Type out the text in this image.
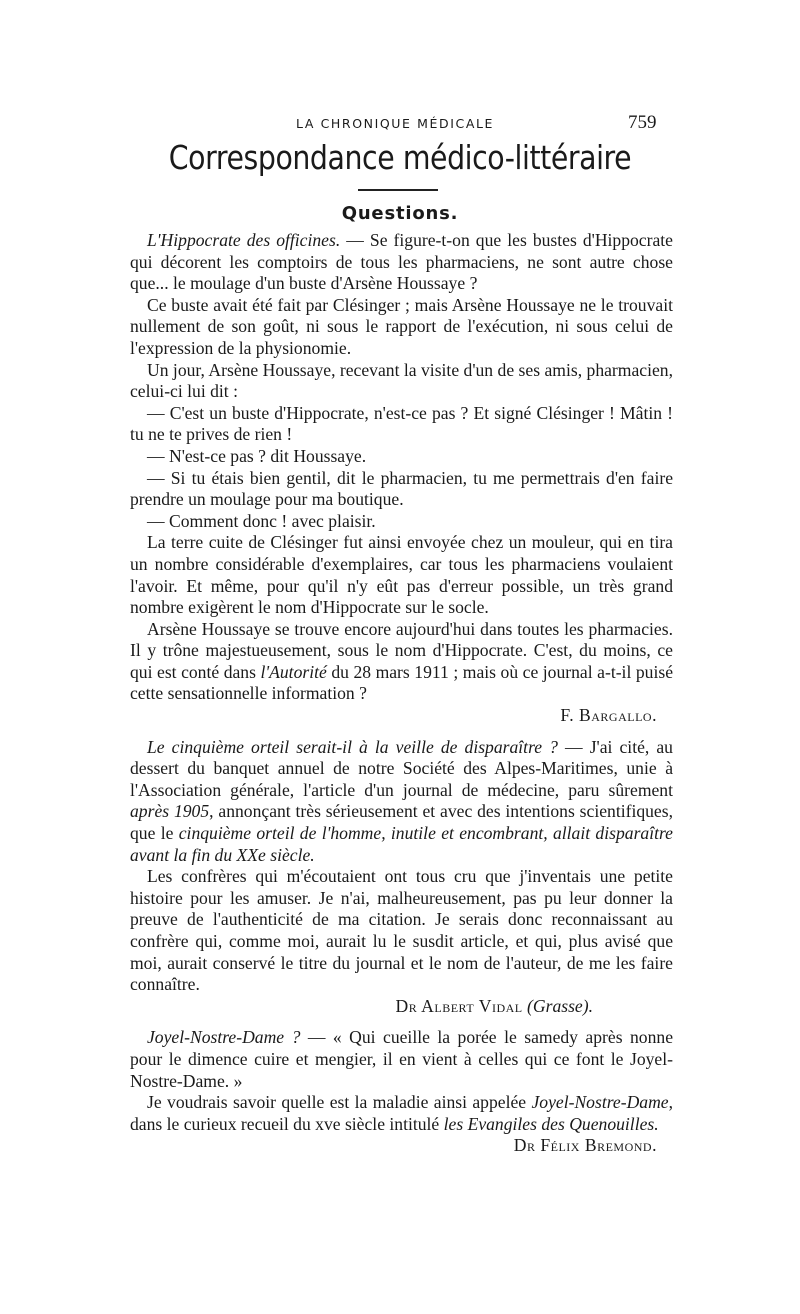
LA CHRONIQUE MÉDICALE	759
Correspondance médico-littéraire
Questions.

L'Hippocrate des officines. — Se figure-t-on que les bustes d'Hippocrate qui décorent les comptoirs de tous les pharmaciens, ne sont autre chose que... le moulage d'un buste d'Arsène Houssaye ?

Ce buste avait été fait par Clésinger ; mais Arsène Houssaye ne le trouvait nullement de son goût, ni sous le rapport de l'exécution, ni sous celui de l'expression de la physionomie.

Un jour, Arsène Houssaye, recevant la visite d'un de ses amis, pharmacien, celui-ci lui dit :

— C'est un buste d'Hippocrate, n'est-ce pas ? Et signé Clésinger ! Mâtin ! tu ne te prives de rien !

— N'est-ce pas ? dit Houssaye.

— Si tu étais bien gentil, dit le pharmacien, tu me permettrais d'en faire prendre un moulage pour ma boutique.

— Comment donc ! avec plaisir.

La terre cuite de Clésinger fut ainsi envoyée chez un mouleur, qui en tira un nombre considérable d'exemplaires, car tous les pharmaciens voulaient l'avoir. Et même, pour qu'il n'y eût pas d'erreur possible, un très grand nombre exigèrent le nom d'Hippocrate sur le socle.

Arsène Houssaye se trouve encore aujourd'hui dans toutes les pharmacies. Il y trône majestueusement, sous le nom d'Hippocrate. C'est, du moins, ce qui est conté dans l'Autorité du 28 mars 1911 ; mais où ce journal a-t-il puisé cette sensationnelle information ?

F. Bargallo.

Le cinquième orteil serait-il à la veille de disparaître ? — J'ai cité, au dessert du banquet annuel de notre Société des Alpes-Maritimes, unie à l'Association générale, l'article d'un journal de médecine, paru sûrement après 1905, annonçant très sérieusement et avec des intentions scientifiques, que le cinquième orteil de l'homme, inutile et encombrant, allait disparaître avant la fin du XXe siècle.

Les confrères qui m'écoutaient ont tous cru que j'inventais une petite histoire pour les amuser. Je n'ai, malheureusement, pas pu leur donner la preuve de l'authenticité de ma citation. Je serais donc reconnaissant au confrère qui, comme moi, aurait lu le susdit article, et qui, plus avisé que moi, aurait conservé le titre du journal et le nom de l'auteur, de me les faire connaître.

Dr Albert Vidal (Grasse).

Joyel-Nostre-Dame ? — « Qui cueille la porée le samedy après nonne pour le dimence cuire et mengier, il en vient à celles qui ce font le Joyel-Nostre-Dame. »

Je voudrais savoir quelle est la maladie ainsi appelée Joyel-Nostre-Dame, dans le curieux recueil du xve siècle intitulé les Evangiles des Quenouilles.

Dr Félix Bremond.
